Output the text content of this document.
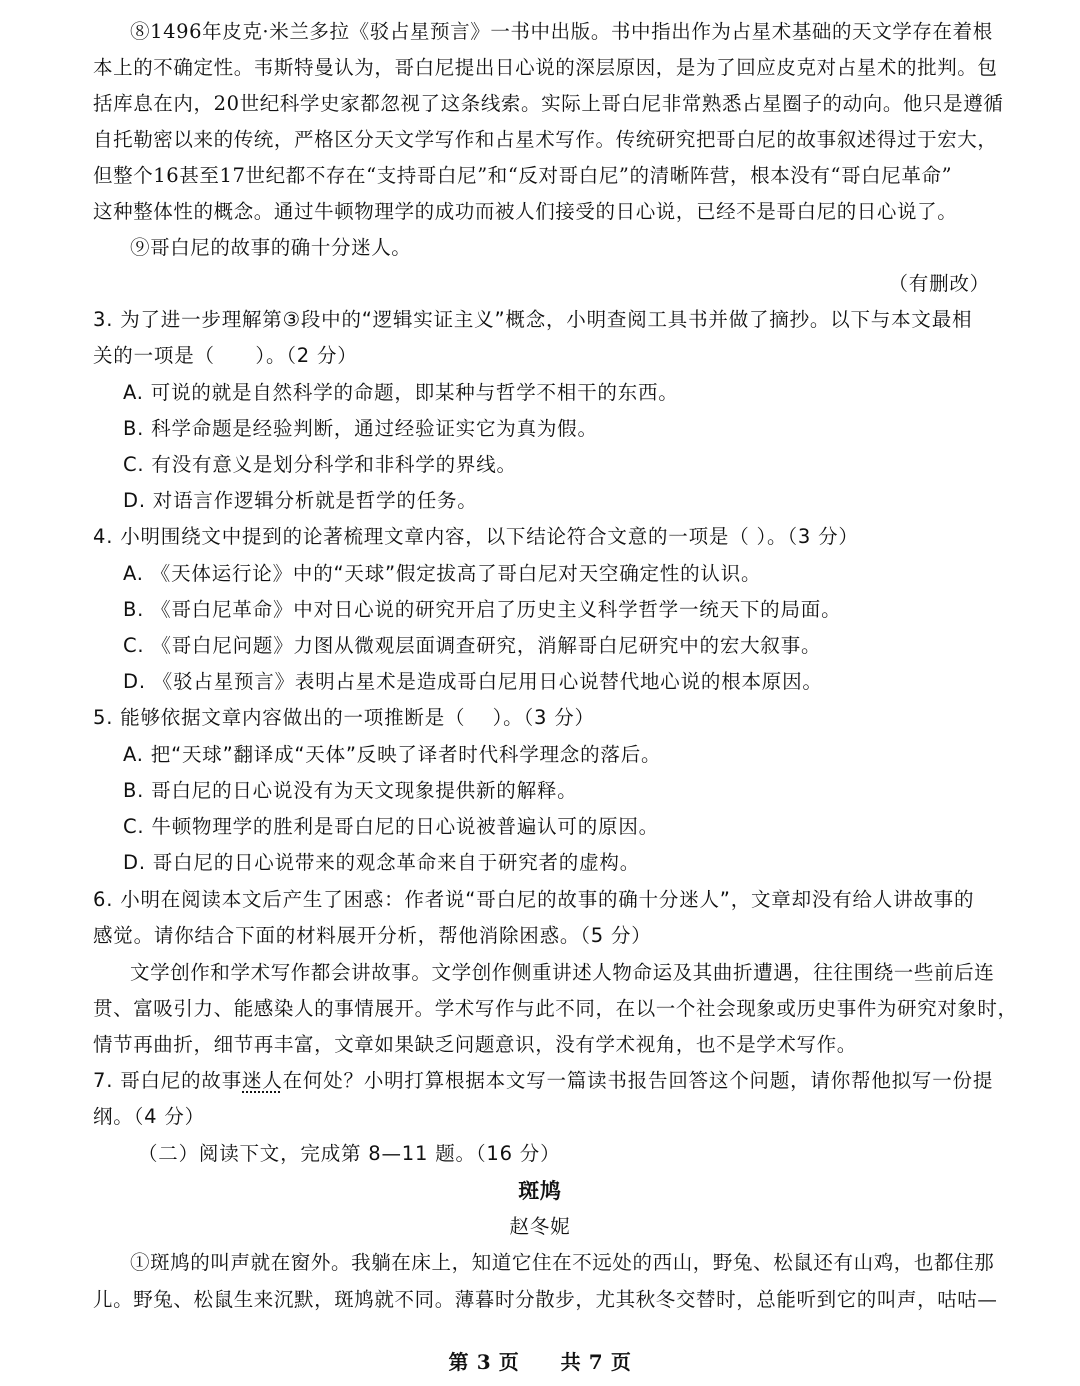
⑧1496年皮克·米兰多拉《驳占星预言》一书中出版。书中指出作为占星术基础的天文学存在着根
本上的不确定性。韦斯特曼认为，哥白尼提出日心说的深层原因，是为了回应皮克对占星术的批判。包
括库息在内，20世纪科学史家都忽视了这条线索。实际上哥白尼非常熟悉占星圈子的动向。他只是遵循
自托勒密以来的传统，严格区分天文学写作和占星术写作。传统研究把哥白尼的故事叙述得过于宏大，
但整个16甚至17世纪都不存在“支持哥白尼”和“反对哥白尼”的清晰阵营，根本没有“哥白尼革命”
这种整体性的概念。通过牛顿物理学的成功而被人们接受的日心说，已经不是哥白尼的日心说了。
⑨哥白尼的故事的确十分迷人。
（有删改）
3. 为了进一步理解第③段中的“逻辑实证主义”概念，小明查阅工具书并做了摘抄。以下与本文最相
关的一项是（　　）。（2 分）
A. 可说的就是自然科学的命题，即某种与哲学不相干的东西。
B. 科学命题是经验判断，通过经验证实它为真为假。
C. 有没有意义是划分科学和非科学的界线。
D. 对语言作逻辑分析就是哲学的任务。
4. 小明围绕文中提到的论著梳理文章内容，以下结论符合文意的一项是（ ）。（3 分）
A. 《天体运行论》中的“天球”假定拔高了哥白尼对天空确定性的认识。
B. 《哥白尼革命》中对日心说的研究开启了历史主义科学哲学一统天下的局面。
C. 《哥白尼问题》力图从微观层面调查研究，消解哥白尼研究中的宏大叙事。
D. 《驳占星预言》表明占星术是造成哥白尼用日心说替代地心说的根本原因。
5. 能够依据文章内容做出的一项推断是（　 ）。（3 分）
A. 把“天球”翻译成“天体”反映了译者时代科学理念的落后。
B. 哥白尼的日心说没有为天文现象提供新的解释。
C. 牛顿物理学的胜利是哥白尼的日心说被普遍认可的原因。
D. 哥白尼的日心说带来的观念革命来自于研究者的虚构。
6. 小明在阅读本文后产生了困惑：作者说“哥白尼的故事的确十分迷人”，文章却没有给人讲故事的
感觉。请你结合下面的材料展开分析，帮他消除困惑。（5 分）
文学创作和学术写作都会讲故事。文学创作侧重讲述人物命运及其曲折遭遇，往往围绕一些前后连
贯、富吸引力、能感染人的事情展开。学术写作与此不同，在以一个社会现象或历史事件为研究对象时，
情节再曲折，细节再丰富，文章如果缺乏问题意识，没有学术视角，也不是学术写作。
7. 哥白尼的故事迷人在何处？小明打算根据本文写一篇读书报告回答这个问题，请你帮他拟写一份提
纲。（4 分）
（二）阅读下文，完成第 8—11 题。（16 分）
斑鸠
赵冬妮
①斑鸠的叫声就在窗外。我躺在床上，知道它住在不远处的西山，野兔、松鼠还有山鸡，也都住那
儿。野兔、松鼠生来沉默，斑鸠就不同。薄暮时分散步，尤其秋冬交替时，总能听到它的叫声，咕咕—
第 3 页　　共 7 页
